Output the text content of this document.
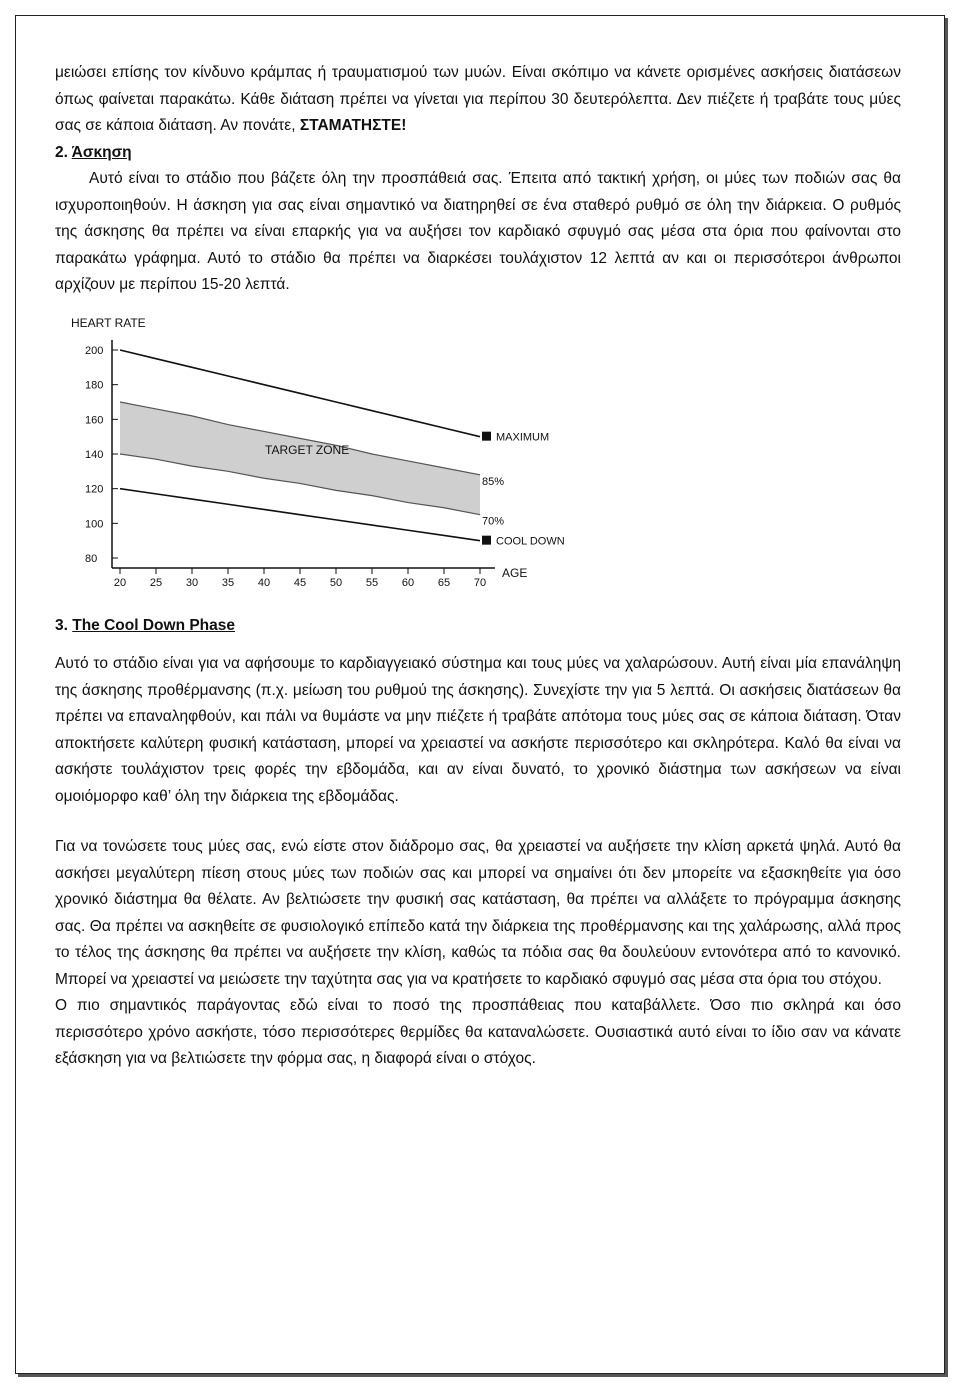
μειώσει επίσης τον κίνδυνο κράμπας ή τραυματισμού των μυών. Είναι σκόπιμο να κάνετε ορισμένες ασκήσεις διατάσεων όπως φαίνεται παρακάτω. Κάθε διάταση πρέπει να γίνεται για περίπου 30 δευτερόλεπτα. Δεν πιέζετε ή τραβάτε τους μύες σας σε κάποια διάταση. Αν πονάτε, ΣΤΑΜΑΤΗΣΤΕ!

2. Άσκηση

Αυτό είναι το στάδιο που βάζετε όλη την προσπάθειά σας. Έπειτα από τακτική χρήση, οι μύες των ποδιών σας θα ισχυροποιηθούν. Η άσκηση για σας είναι σημαντικό να διατηρηθεί σε ένα σταθερό ρυθμό σε όλη την διάρκεια. Ο ρυθμός της άσκησης θα πρέπει να είναι επαρκής για να αυξήσει τον καρδιακό σφυγμό σας μέσα στα όρια που φαίνονται στο παρακάτω γράφημα. Αυτό το στάδιο θα πρέπει να διαρκέσει τουλάχιστον 12 λεπτά αν και οι περισσότεροι άνθρωποι αρχίζουν με περίπου 15-20 λεπτά.

200
180
160
140
120
100
80
20 25 30 35 40 45 50 55 60 65 70
MAXIMUM
85%
70%
COOL DOWN
HEART RATE
AGE
TARGET ZONE

3. The Cool Down Phase

Αυτό το στάδιο είναι για να αφήσουμε το καρδιαγγειακό σύστημα και τους μύες να χαλαρώσουν. Αυτή είναι μία επανάληψη της άσκησης προθέρμανσης (π.χ. μείωση του ρυθμού της άσκησης). Συνεχίστε την για 5 λεπτά. Οι ασκήσεις διατάσεων θα πρέπει να επαναληφθούν, και πάλι να θυμάστε να μην πιέζετε ή τραβάτε απότομα τους μύες σας σε κάποια διάταση. Όταν αποκτήσετε καλύτερη φυσική κατάσταση, μπορεί να χρειαστεί να ασκήστε περισσότερο και σκληρότερα. Καλό θα είναι να ασκήστε τουλάχιστον τρεις φορές την εβδομάδα, και αν είναι δυνατό, το χρονικό διάστημα των ασκήσεων να είναι ομοιόμορφο καθ’ όλη την διάρκεια της εβδομάδας.

Για να τονώσετε τους μύες σας, ενώ είστε στον διάδρομο σας, θα χρειαστεί να αυξήσετε την κλίση αρκετά ψηλά. Αυτό θα ασκήσει μεγαλύτερη πίεση στους μύες των ποδιών σας και μπορεί να σημαίνει ότι δεν μπορείτε να εξασκηθείτε για όσο χρονικό διάστημα θα θέλατε. Αν βελτιώσετε την φυσική σας κατάσταση, θα πρέπει να αλλάξετε το πρόγραμμα άσκησης σας. Θα πρέπει να ασκηθείτε σε φυσιολογικό επίπεδο κατά την διάρκεια της προθέρμανσης και της χαλάρωσης, αλλά προς το τέλος της άσκησης θα πρέπει να αυξήσετε την κλίση, καθώς τα πόδια σας θα δουλεύουν εντονότερα από το κανονικό. Μπορεί να χρειαστεί να μειώσετε την ταχύτητα σας για να κρατήσετε το καρδιακό σφυγμό σας μέσα στα όρια του στόχου.

Ο πιο σημαντικός παράγοντας εδώ είναι το ποσό της προσπάθειας που καταβάλλετε. Όσο πιο σκληρά και όσο περισσότερο χρόνο ασκήστε, τόσο περισσότερες θερμίδες θα καταναλώσετε. Ουσιαστικά αυτό είναι το ίδιο σαν να κάνατε εξάσκηση για να βελτιώσετε την φόρμα σας, η διαφορά είναι ο στόχος.
